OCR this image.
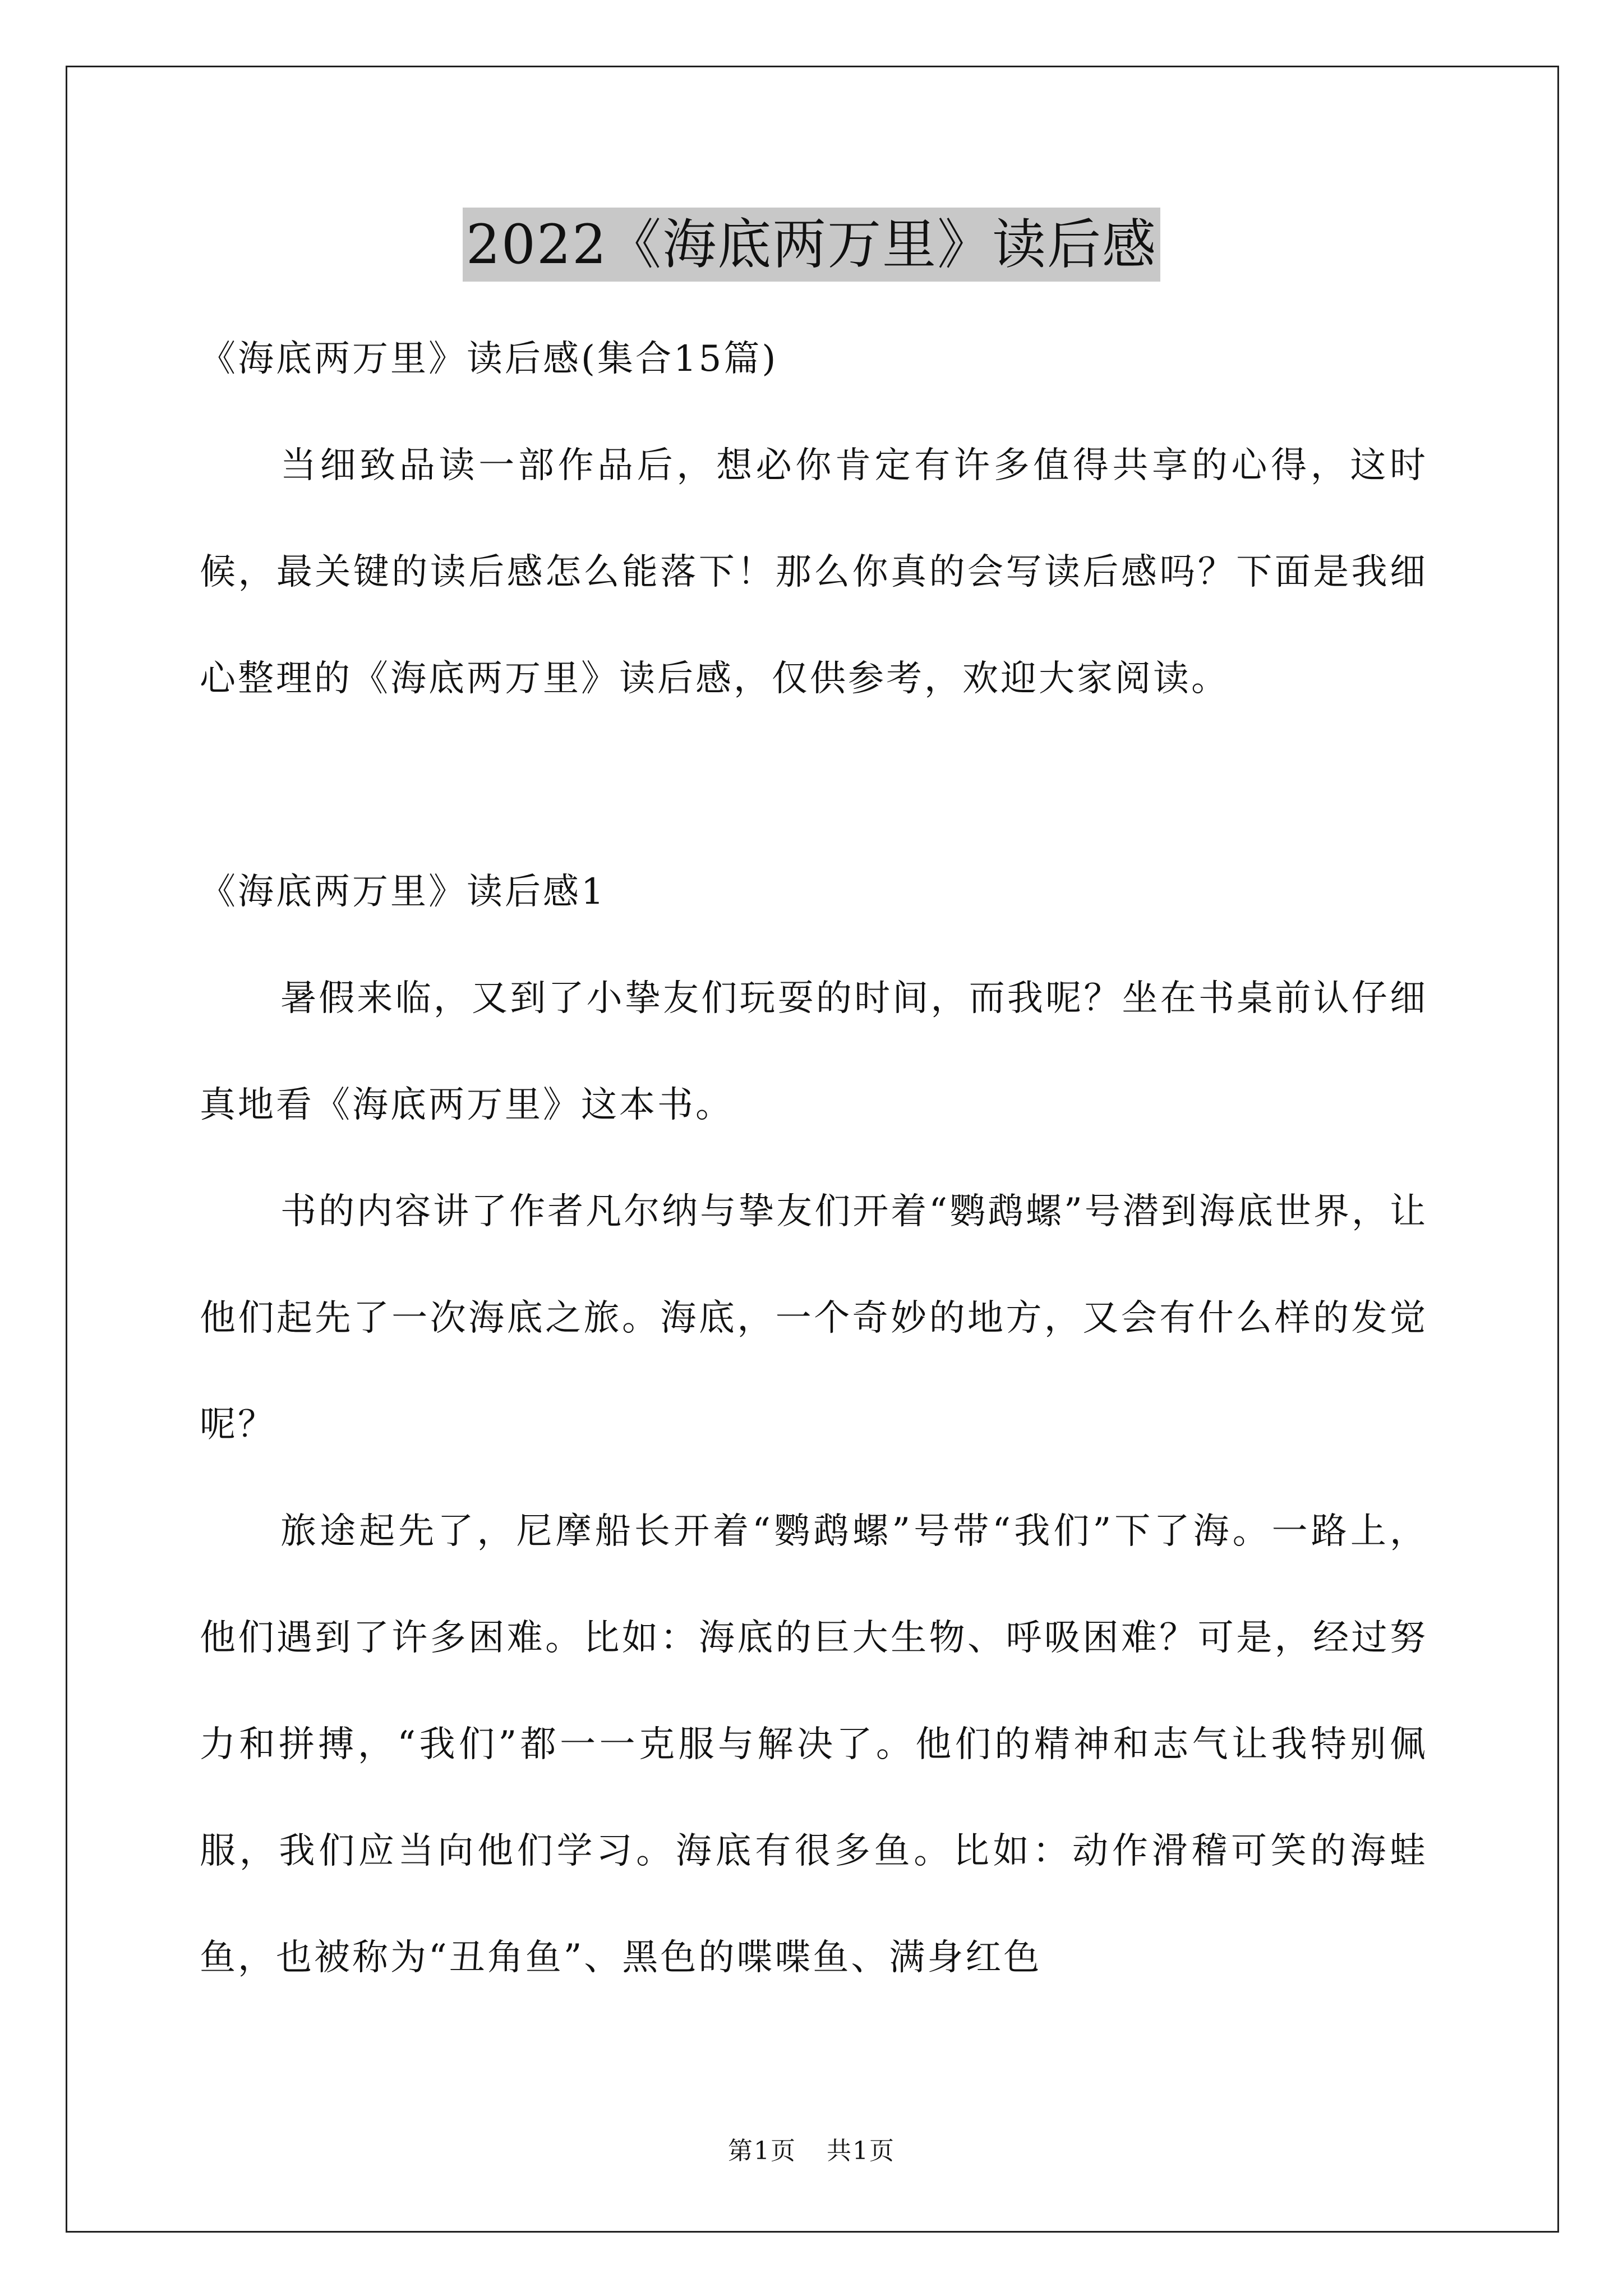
2022《海底两万里》读后感

《海底两万里》读后感(集合15篇)

当细致品读一部作品后，想必你肯定有许多值得共享的心得，这时候，最关键的读后感怎么能落下！那么你真的会写读后感吗？下面是我细心整理的《海底两万里》读后感，仅供参考，欢迎大家阅读。

《海底两万里》读后感1

暑假来临，又到了小挚友们玩耍的时间，而我呢？坐在书桌前认仔细真地看《海底两万里》这本书。

书的内容讲了作者凡尔纳与挚友们开着“鹦鹉螺”号潜到海底世界，让他们起先了一次海底之旅。海底，一个奇妙的地方，又会有什么样的发觉呢？

旅途起先了，尼摩船长开着“鹦鹉螺”号带“我们”下了海。一路上，他们遇到了许多困难。比如：海底的巨大生物、呼吸困难？可是，经过努力和拼搏，“我们”都一一克服与解决了。他们的精神和志气让我特别佩服，我们应当向他们学习。海底有很多鱼。比如：动作滑稽可笑的海蛙鱼，也被称为“丑角鱼”、黑色的喋喋鱼、满身红色

第1页 共1页
